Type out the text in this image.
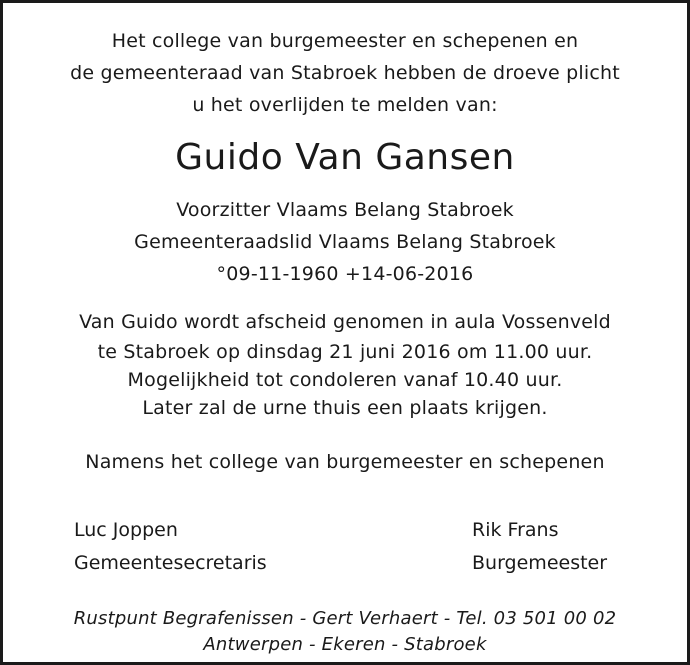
Het college van burgemeester en schepenen en
de gemeenteraad van Stabroek hebben de droeve plicht
u het overlijden te melden van:
Guido Van Gansen
Voorzitter Vlaams Belang Stabroek
Gemeenteraadslid Vlaams Belang Stabroek
°09-11-1960 +14-06-2016
Van Guido wordt afscheid genomen in aula Vossenveld
te Stabroek op dinsdag 21 juni 2016 om 11.00 uur.
Mogelijkheid tot condoleren vanaf 10.40 uur.
Later zal de urne thuis een plaats krijgen.
Namens het college van burgemeester en schepenen
Luc Joppen
Gemeentesecretaris
Rik Frans
Burgemeester
Rustpunt Begrafenissen - Gert Verhaert - Tel. 03 501 00 02
Antwerpen - Ekeren - Stabroek
